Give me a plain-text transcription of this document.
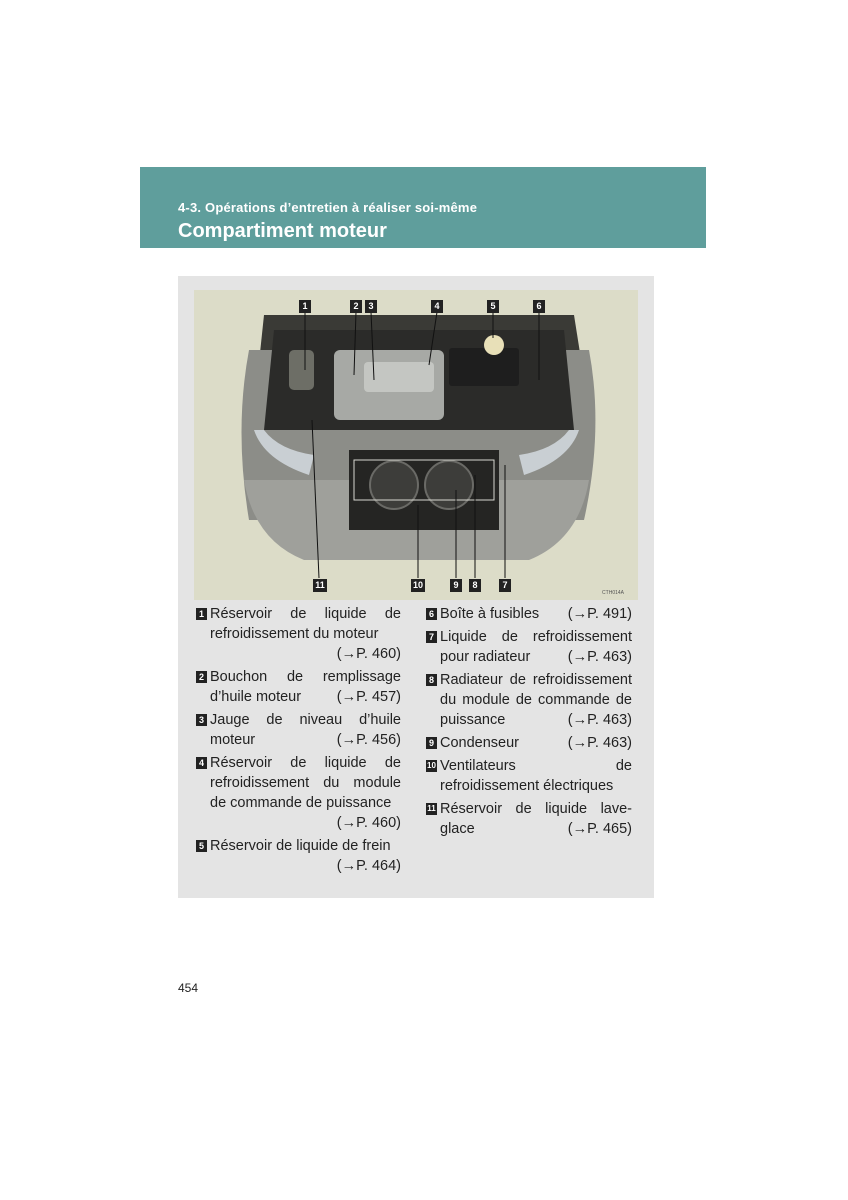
4-3. Opérations d’entretien à réaliser soi-même
Compartiment moteur
CTH014A
1	2	3	4	5	6
11	10	9	8	7
1 Réservoir de liquide de refroidissement du moteur
(→P. 460)
2 Bouchon de remplissage d’huile moteur (→P. 457)
3 Jauge de niveau d’huile moteur	(→P. 456)
4 Réservoir de liquide de refroidissement du module de commande de puissance
(→P. 460)
5 Réservoir de liquide de frein
(→P. 464)
6 Boîte à fusibles (→P. 491)
7 Liquide de refroidissement pour radiateur	(→P. 463)
8 Radiateur de refroidissement du module de commande de puissance	(→P. 463)
9 Condenseur	(→P. 463)
10 Ventilateurs de refroidissement électriques
11 Réservoir de liquide lave-glace	(→P. 465)
454
